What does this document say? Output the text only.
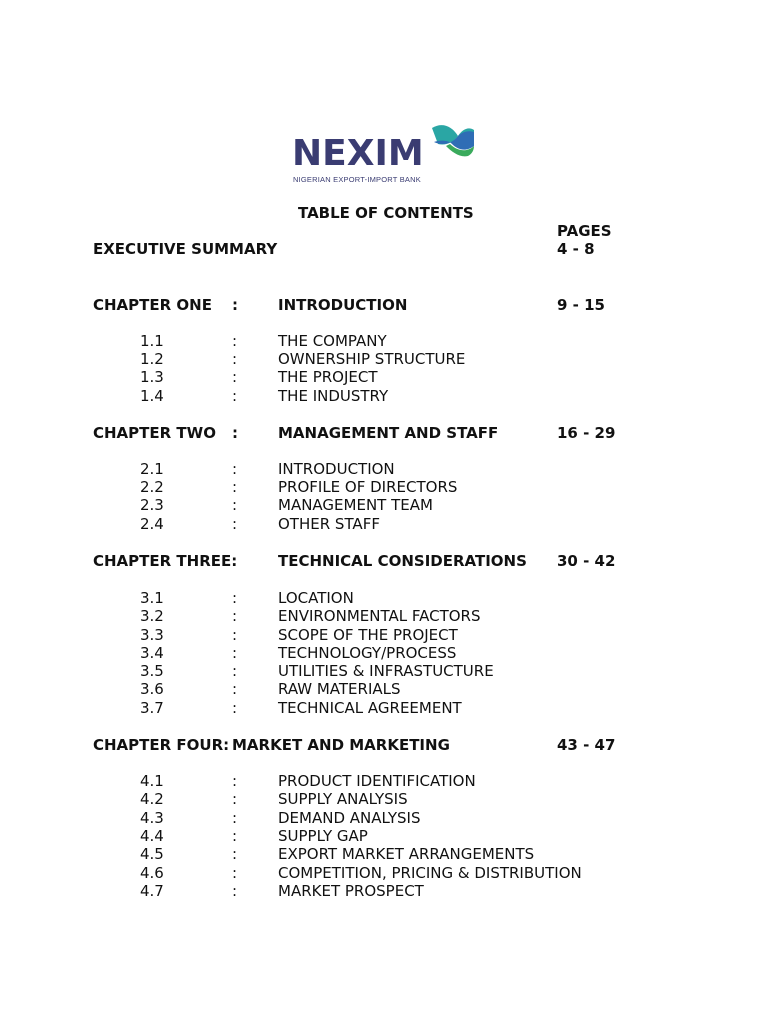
NEXIM
NIGERIAN EXPORT-IMPORT BANK
TABLE OF CONTENTS
PAGES
EXECUTIVE SUMMARY	4 - 8
CHAPTER ONE :	INTRODUCTION	9 - 15
1.1	:	THE COMPANY
1.2	:	OWNERSHIP STRUCTURE
1.3	:	THE PROJECT
1.4	:	THE INDUSTRY
CHAPTER TWO :	MANAGEMENT AND STAFF	16 - 29
2.1	:	INTRODUCTION
2.2	:	PROFILE OF DIRECTORS
2.3	:	MANAGEMENT TEAM
2.4	:	OTHER STAFF
CHAPTER THREE:	TECHNICAL CONSIDERATIONS 30 - 42
3.1	:	LOCATION
3.2	:	ENVIRONMENTAL FACTORS
3.3	:	SCOPE OF THE PROJECT
3.4	:	TECHNOLOGY/PROCESS
3.5	:	UTILITIES & INFRASTUCTURE
3.6	:	RAW MATERIALS
3.7	:	TECHNICAL AGREEMENT
CHAPTER FOUR: MARKET AND MARKETING	43 - 47
4.1	:	PRODUCT IDENTIFICATION
4.2	:	SUPPLY ANALYSIS
4.3	:	DEMAND ANALYSIS
4.4	:	SUPPLY GAP
4.5	:	EXPORT MARKET ARRANGEMENTS
4.6	:	COMPETITION, PRICING & DISTRIBUTION
4.7	:	MARKET PROSPECT
